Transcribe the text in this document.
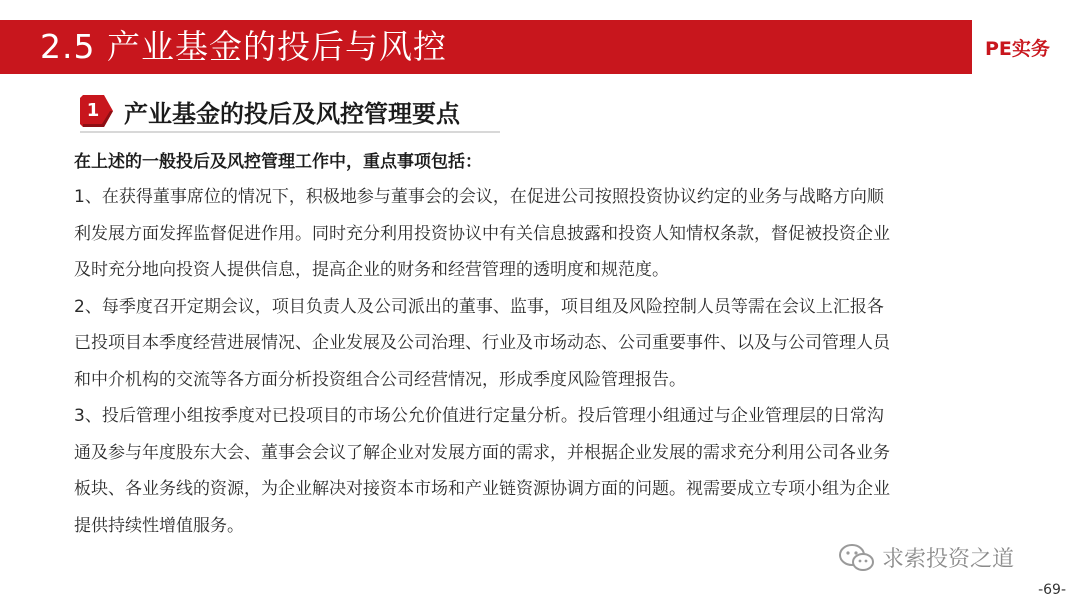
2.5 产业基金的投后与风控	PE实务
1 产业基金的投后及风控管理要点
在上述的一般投后及风控管理工作中，重点事项包括：
1、在获得董事席位的情况下，积极地参与董事会的会议，在促进公司按照投资协议约定的业务与战略方向顺
利发展方面发挥监督促进作用。同时充分利用投资协议中有关信息披露和投资人知情权条款，督促被投资企业
及时充分地向投资人提供信息，提高企业的财务和经营管理的透明度和规范度。
2、每季度召开定期会议，项目负责人及公司派出的董事、监事，项目组及风险控制人员等需在会议上汇报各
已投项目本季度经营进展情况、企业发展及公司治理、行业及市场动态、公司重要事件、以及与公司管理人员
和中介机构的交流等各方面分析投资组合公司经营情况，形成季度风险管理报告。
3、投后管理小组按季度对已投项目的市场公允价值进行定量分析。投后管理小组通过与企业管理层的日常沟
通及参与年度股东大会、董事会会议了解企业对发展方面的需求，并根据企业发展的需求充分利用公司各业务
板块、各业务线的资源，为企业解决对接资本市场和产业链资源协调方面的问题。视需要成立专项小组为企业
提供持续性增值服务。
求索投资之道
-69-
